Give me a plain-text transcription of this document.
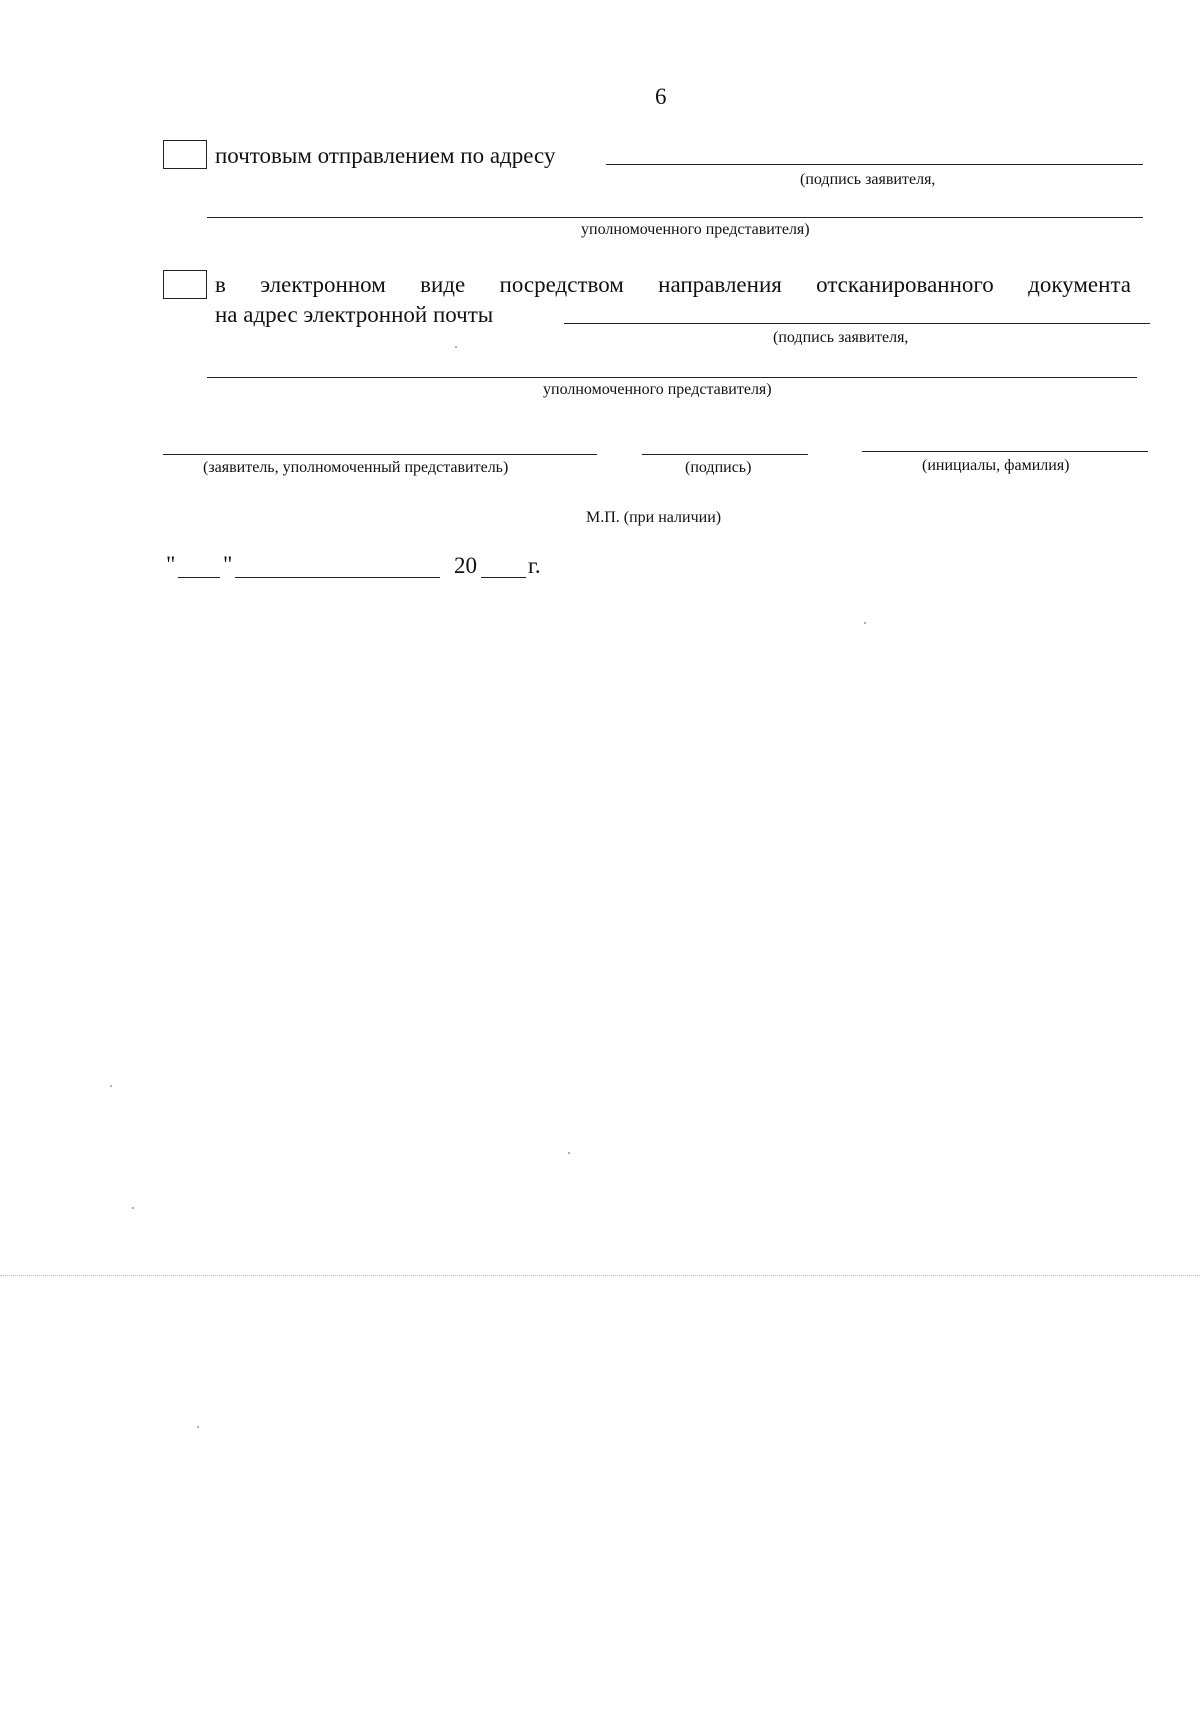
6
почтовым отправлением по адресу
(подпись заявителя,
уполномоченного представителя)
в электронном виде посредством направления отсканированного документа
на адрес электронной почты
(подпись заявителя,
уполномоченного представителя)
(заявитель, уполномоченный представитель)	(подпись)	(инициалы, фамилия)
М.П. (при наличии)
" "	20 г.
